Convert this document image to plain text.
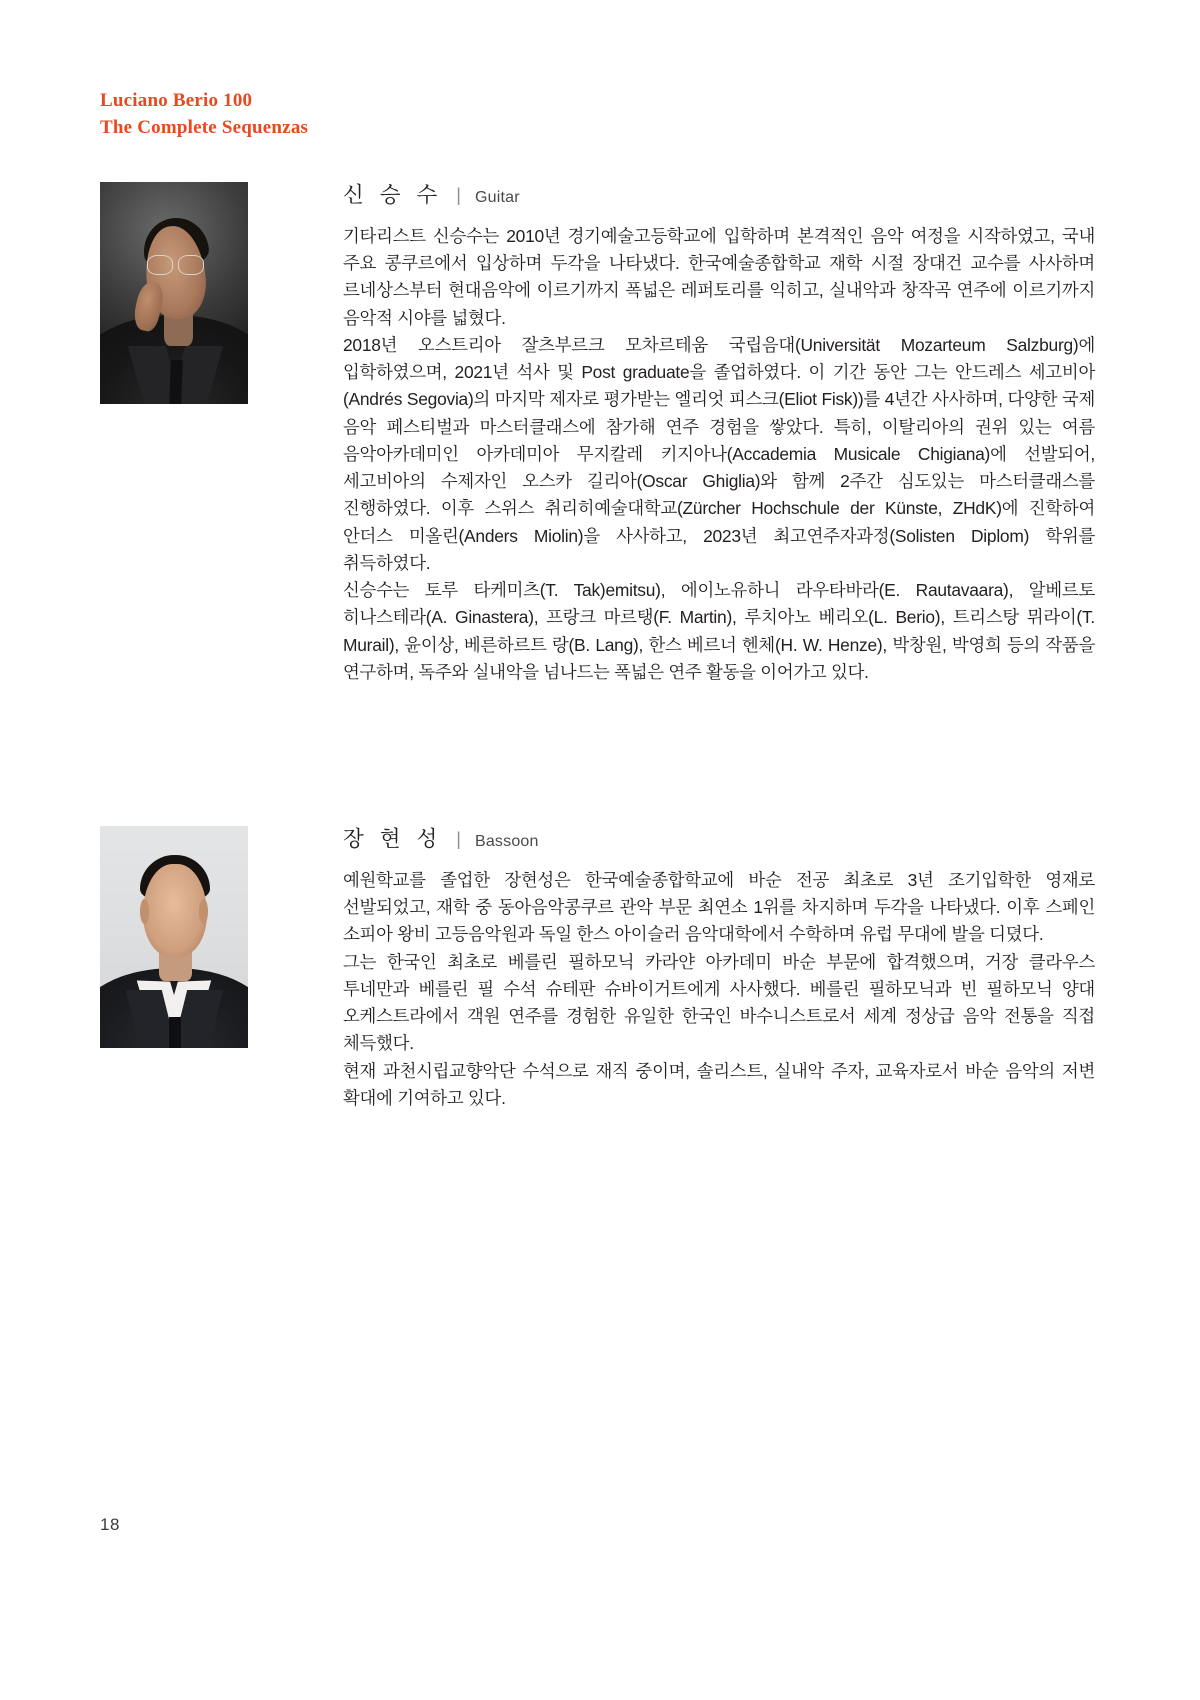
Luciano Berio 100
The Complete Sequenzas
신 승 수 | Guitar

기타리스트 신승수는 2010년 경기예술고등학교에 입학하며 본격적인 음악 여정을 시작하였고, 국내 주요 콩쿠르에서 입상하며 두각을 나타냈다. 한국예술종합학교 재학 시절 장대건 교수를 사사하며 르네상스부터 현대음악에 이르기까지 폭넓은 레퍼토리를 익히고, 실내악과 창작곡 연주에 이르기까지 음악적 시야를 넓혔다.

2018년 오스트리아 잘츠부르크 모차르테움 국립음대(Universität Mozarteum Salzburg)에 입학하였으며, 2021년 석사 및 Post graduate을 졸업하였다. 이 기간 동안 그는 안드레스 세고비아(Andrés Segovia)의 마지막 제자로 평가받는 엘리엇 피스크(Eliot Fisk))를 4년간 사사하며, 다양한 국제 음악 페스티벌과 마스터클래스에 참가해 연주 경험을 쌓았다. 특히, 이탈리아의 권위 있는 여름 음악아카데미인 아카데미아 무지칼레 키지아나(Accademia Musicale Chigiana)에 선발되어, 세고비아의 수제자인 오스카 길리아(Oscar Ghiglia)와 함께 2주간 심도있는 마스터클래스를 진행하였다. 이후 스위스 취리히예술대학교(Zürcher Hochschule der Künste, ZHdK)에 진학하여 안더스 미올린(Anders Miolin)을 사사하고, 2023년 최고연주자과정(Solisten Diplom) 학위를 취득하였다.

신승수는 토루 타케미츠(T. Tak)emitsu), 에이노유하니 라우타바라(E. Rautavaara), 알베르토 히나스테라(A. Ginastera), 프랑크 마르탱(F. Martin), 루치아노 베리오(L. Berio), 트리스탕 뮈라이(T. Murail), 윤이상, 베른하르트 랑(B. Lang), 한스 베르너 헨체(H. W. Henze), 박창원, 박영희 등의 작품을 연구하며, 독주와 실내악을 넘나드는 폭넓은 연주 활동을 이어가고 있다.

장 현 성 | Bassoon

예원학교를 졸업한 장현성은 한국예술종합학교에 바순 전공 최초로 3년 조기입학한 영재로 선발되었고, 재학 중 동아음악콩쿠르 관악 부문 최연소 1위를 차지하며 두각을 나타냈다. 이후 스페인 소피아 왕비 고등음악원과 독일 한스 아이슬러 음악대학에서 수학하며 유럽 무대에 발을 디뎠다.

그는 한국인 최초로 베를린 필하모닉 카라얀 아카데미 바순 부문에 합격했으며, 거장 클라우스 투네만과 베를린 필 수석 슈테판 슈바이거트에게 사사했다. 베를린 필하모닉과 빈 필하모닉 양대 오케스트라에서 객원 연주를 경험한 유일한 한국인 바수니스트로서 세계 정상급 음악 전통을 직접 체득했다.

현재 과천시립교향악단 수석으로 재직 중이며, 솔리스트, 실내악 주자, 교육자로서 바순 음악의 저변 확대에 기여하고 있다.

18
